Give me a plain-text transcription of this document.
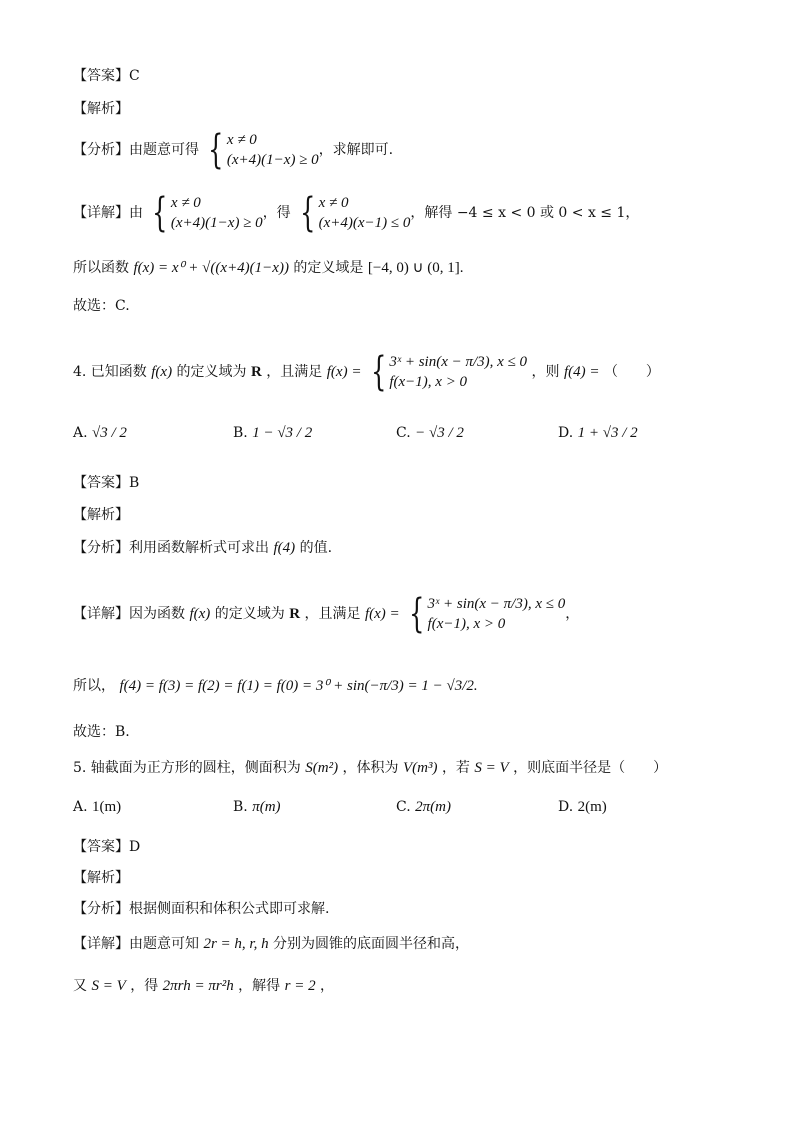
【答案】C
【解析】
【分析】由题意可得 { x ≠ 0
(x+4)(1−x) ≥ 0
，求解即可.
【详解】由 { x ≠ 0
(x+4)(1−x) ≥ 0
，得 { x ≠ 0
(x+4)(x−1) ≤ 0
，解得 −4 ≤ x < 0 或 0 < x ≤ 1，
所以函数 f(x) = x⁰ + √((x+4)(1−x)) 的定义域是 [−4, 0) ∪ (0, 1].
故选：C.
4. 已知函数 f(x) 的定义域为 R ，且满足 f(x) = { 3ˣ + sin(x − π/3), x ≤ 0
f(x−1), x > 0
，则 f(4) = （　　）
A. √3 / 2	B. 1 − √3 / 2	C. − √3 / 2	D. 1 + √3 / 2
【答案】B
【解析】
【分析】利用函数解析式可求出 f(4) 的值.
【详解】因为函数 f(x) 的定义域为 R ，且满足 f(x) = { 3ˣ + sin(x − π/3), x ≤ 0
f(x−1), x > 0
，
所以， f(4) = f(3) = f(2) = f(1) = f(0) = 3⁰ + sin(−π/3) = 1 − √3/2.
故选：B.
5. 轴截面为正方形的圆柱，侧面积为 S(m²) ，体积为 V(m³) ，若 S = V ，则底面半径是（　　）
A. 1(m)	B. π(m)	C. 2π(m)	D. 2(m)
【答案】D
【解析】
【分析】根据侧面积和体积公式即可求解.
【详解】由题意可知 2r = h, r, h 分别为圆锥的底面圆半径和高，
又 S = V ，得 2πrh = πr²h ，解得 r = 2 ，
